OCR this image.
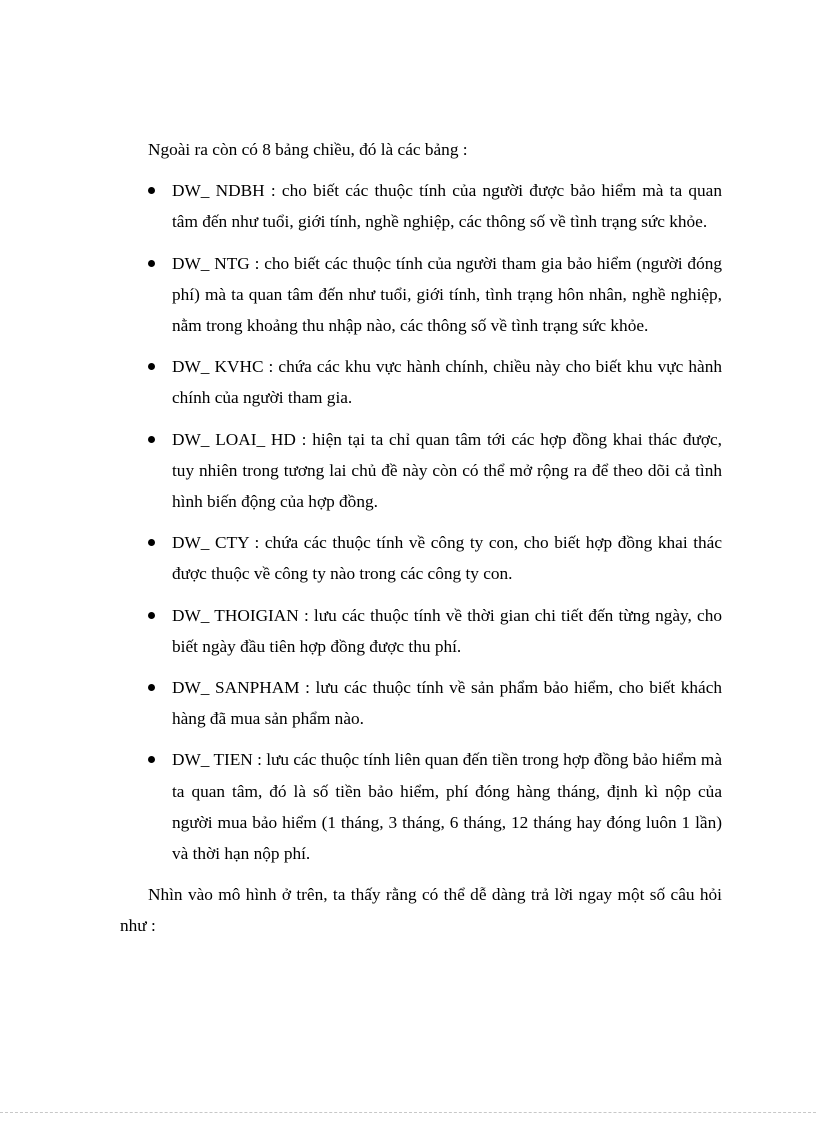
Ngoài ra còn có 8 bảng chiều, đó là các bảng :

DW_ NDBH : cho biết các thuộc tính của người được bảo hiểm mà ta quan tâm đến như tuổi, giới tính, nghề nghiệp, các thông số về tình trạng sức khỏe.
DW_ NTG : cho biết các thuộc tính của người tham gia bảo hiểm (người đóng phí) mà ta quan tâm đến như tuổi, giới tính, tình trạng hôn nhân, nghề nghiệp, nằm trong khoảng thu nhập nào, các thông số về tình trạng sức khỏe.
DW_ KVHC : chứa các khu vực hành chính, chiều này cho biết khu vực hành chính của người tham gia.
DW_ LOAI_ HD : hiện tại ta chỉ quan tâm tới các hợp đồng khai thác được, tuy nhiên trong tương lai chủ đề này còn có thể mở rộng ra để theo dõi cả tình hình biến động của hợp đồng.
DW_ CTY : chứa các thuộc tính về công ty con, cho biết hợp đồng khai thác được thuộc về công ty nào trong các công ty con.
DW_ THOIGIAN : lưu các thuộc tính về thời gian chi tiết đến từng ngày, cho biết ngày đầu tiên hợp đồng được thu phí.
DW_ SANPHAM : lưu các thuộc tính về sản phẩm bảo hiểm, cho biết khách hàng đã mua sản phẩm nào.
DW_ TIEN : lưu các thuộc tính liên quan đến tiền trong hợp đồng bảo hiểm mà ta quan tâm, đó là số tiền bảo hiểm, phí đóng hàng tháng, định kì nộp của người mua bảo hiểm (1 tháng, 3 tháng, 6 tháng, 12 tháng hay đóng luôn 1 lần) và thời hạn nộp phí.

Nhìn vào mô hình ở trên, ta thấy rằng có thể dễ dàng trả lời ngay một số câu hỏi như :
